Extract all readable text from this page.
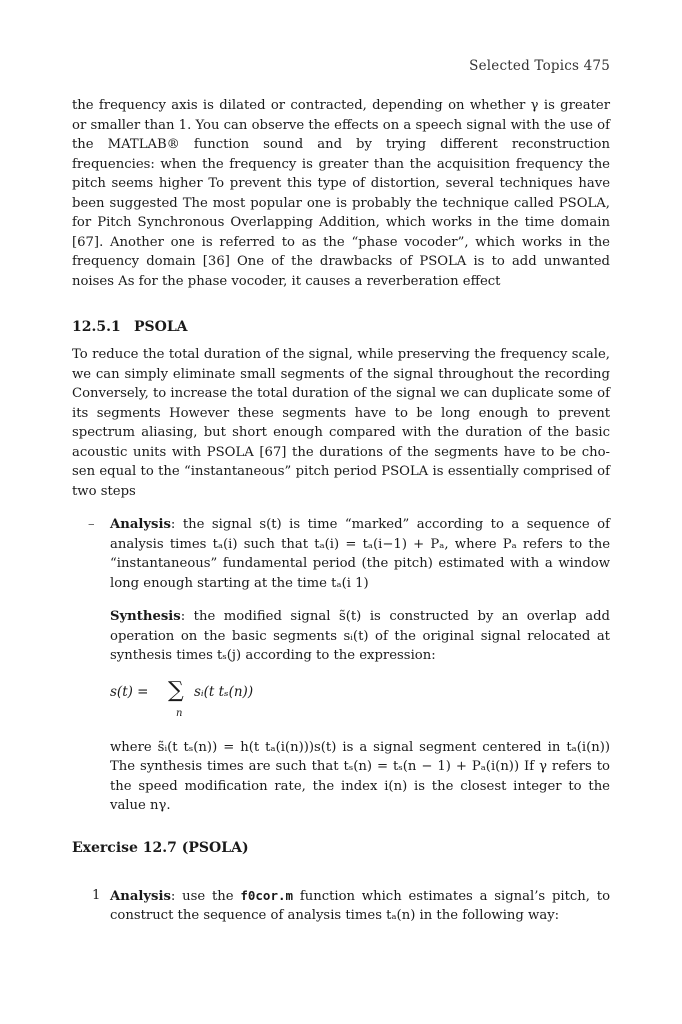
Selected Topics 475

the frequency axis is dilated or contracted, depending on whether γ is greater or smaller than 1. You can observe the effects on a speech signal with the use of the MATLAB® function sound and by trying different reconstruction frequencies: when the frequency is greater than the acquisition frequency the pitch seems higher To prevent this type of distortion, several techniques have been suggested The most popular one is probably the technique called PSOLA, for Pitch Synchronous Overlapping Addition, which works in the time domain [67]. Another one is referred to as the “phase vocoder”, which works in the frequency domain [36] One of the drawbacks of PSOLA is to add unwanted noises As for the phase vocoder, it causes a reverberation effect

12.5.1 PSOLA

To reduce the total duration of the signal, while preserving the frequency scale, we can simply eliminate small segments of the signal throughout the recording Conversely, to increase the total duration of the signal we can duplicate some of its segments However these segments have to be long enough to prevent spectrum aliasing, but short enough compared with the duration of the basic acoustic units with PSOLA [67] the durations of the segments have to be cho-sen equal to the “instantaneous” pitch period PSOLA is essentially comprised of two steps

– Analysis: the signal s(t) is time “marked” according to a sequence of analysis times tₐ(i) such that tₐ(i) = tₐ(i−1) + Pₐ, where Pₐ refers to the “instantaneous” fundamental period (the pitch) estimated with a window long enough starting at the time tₐ(i 1)

Synthesis: the modified signal s̃(t) is constructed by an overlap add operation on the basic segments sᵢ(t) of the original signal relocated at synthesis times tₛ(j) according to the expression:

s(t) = ∑ sᵢ(t tₛ(n))
n

where s̃ᵢ(t tₛ(n)) = h(t tₐ(i(n)))s(t) is a signal segment centered in tₐ(i(n)) The synthesis times are such that tₛ(n) = tₛ(n − 1) + Pₐ(i(n)) If γ refers to the speed modification rate, the index i(n) is the closest integer to the value nγ.

Exercise 12.7 (PSOLA)
1 Analysis: use the f0cor.m function which estimates a signal’s pitch, to construct the sequence of analysis times tₐ(n) in the following way:
